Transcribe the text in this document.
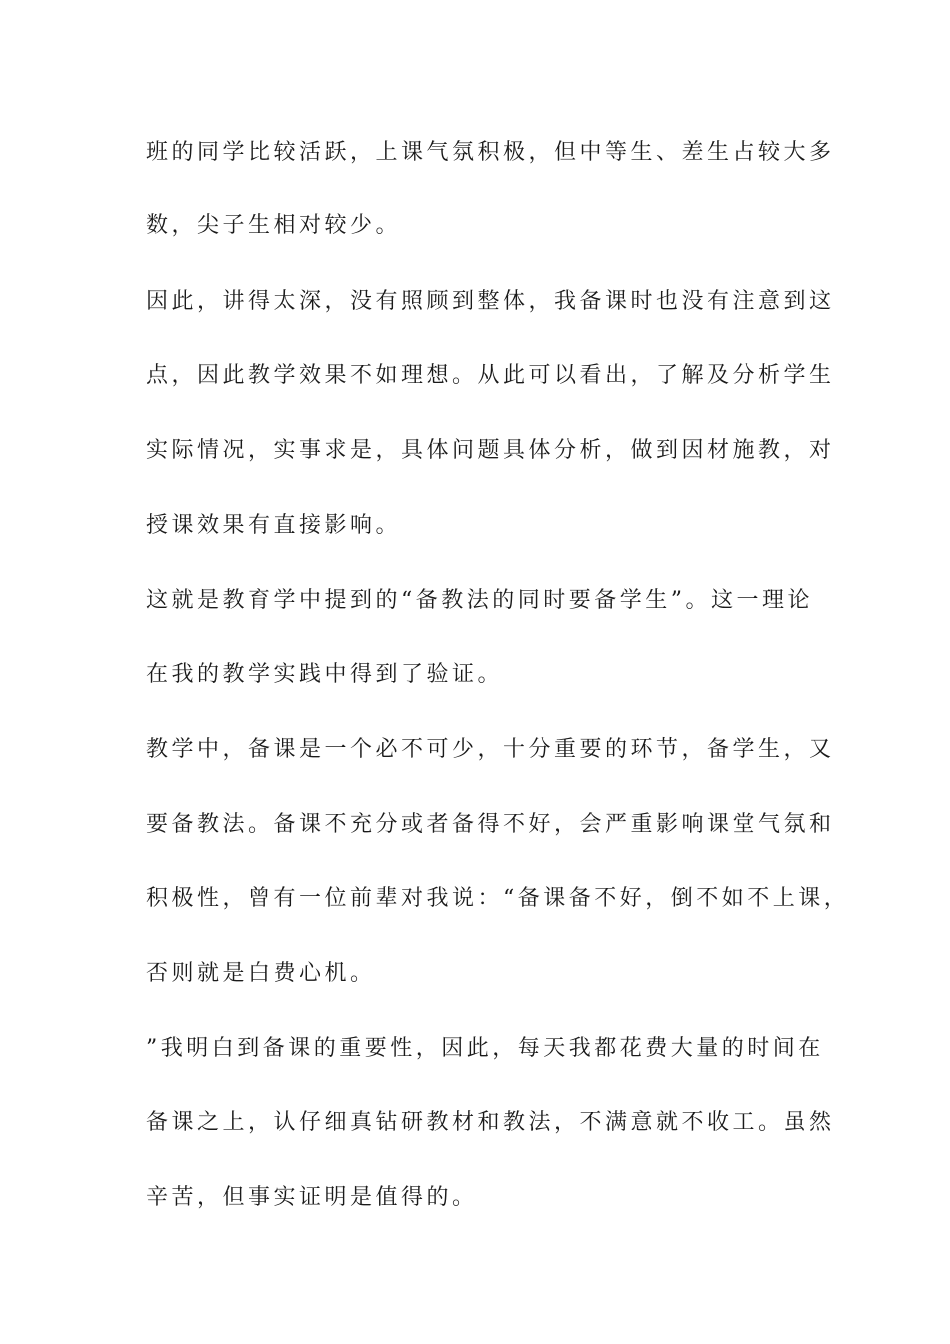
班的同学比较活跃，上课气氛积极，但中等生、差生占较大多
数，尖子生相对较少。
因此，讲得太深，没有照顾到整体，我备课时也没有注意到这
点，因此教学效果不如理想。从此可以看出，了解及分析学生
实际情况，实事求是，具体问题具体分析，做到因材施教，对
授课效果有直接影响。
这就是教育学中提到的“备教法的同时要备学生”。这一理论
在我的教学实践中得到了验证。
教学中，备课是一个必不可少，十分重要的环节，备学生，又
要备教法。备课不充分或者备得不好，会严重影响课堂气氛和
积极性，曾有一位前辈对我说：“备课备不好，倒不如不上课，
否则就是白费心机。
”我明白到备课的重要性，因此，每天我都花费大量的时间在
备课之上，认仔细真钻研教材和教法，不满意就不收工。虽然
辛苦，但事实证明是值得的。
